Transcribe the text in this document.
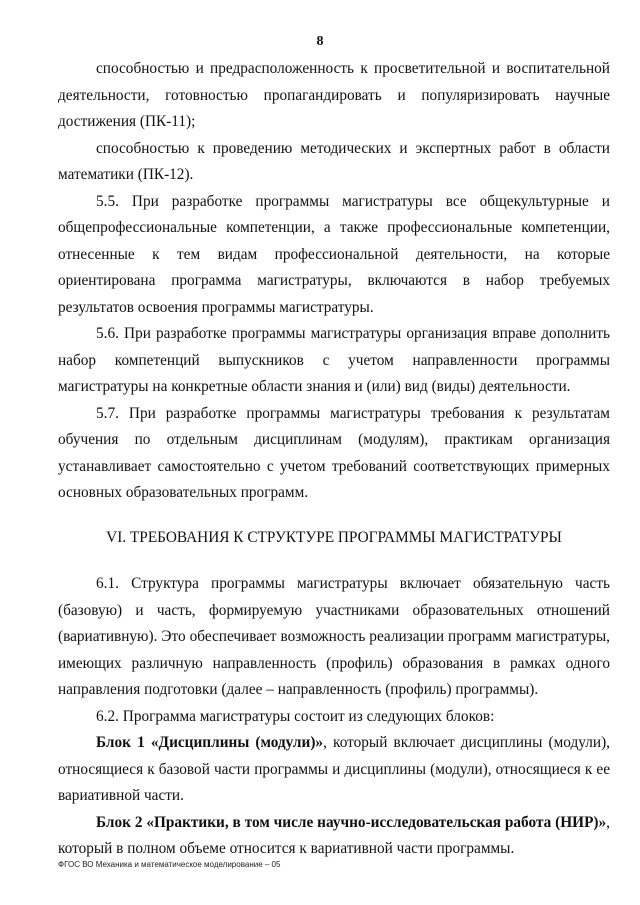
8

способностью и предрасположенность к просветительной и воспитательной деятельности, готовностью пропагандировать и популяризировать научные достижения (ПК-11);

способностью к проведению методических и экспертных работ в области математики (ПК-12).

5.5. При разработке программы магистратуры все общекультурные и общепрофессиональные компетенции, а также профессиональные компетенции, отнесенные к тем видам профессиональной деятельности, на которые ориентирована программа магистратуры, включаются в набор требуемых результатов освоения программы магистратуры.

5.6. При разработке программы магистратуры организация вправе дополнить набор компетенций выпускников с учетом направленности программы магистратуры на конкретные области знания и (или) вид (виды) деятельности.

5.7. При разработке программы магистратуры требования к результатам обучения по отдельным дисциплинам (модулям), практикам организация устанавливает самостоятельно с учетом требований соответствующих примерных основных образовательных программ.

VI. ТРЕБОВАНИЯ К СТРУКТУРЕ ПРОГРАММЫ МАГИСТРАТУРЫ

6.1. Структура программы магистратуры включает обязательную часть (базовую) и часть, формируемую участниками образовательных отношений (вариативную). Это обеспечивает возможность реализации программ магистратуры, имеющих различную направленность (профиль) образования в рамках одного направления подготовки (далее – направленность (профиль) программы).

6.2. Программа магистратуры состоит из следующих блоков:

Блок 1 «Дисциплины (модули)», который включает дисциплины (модули), относящиеся к базовой части программы и дисциплины (модули), относящиеся к ее вариативной части.

Блок 2 «Практики, в том числе научно-исследовательская работа (НИР)», который в полном объеме относится к вариативной части программы.

ФГОС ВО Механика и математическое моделирование – 05
